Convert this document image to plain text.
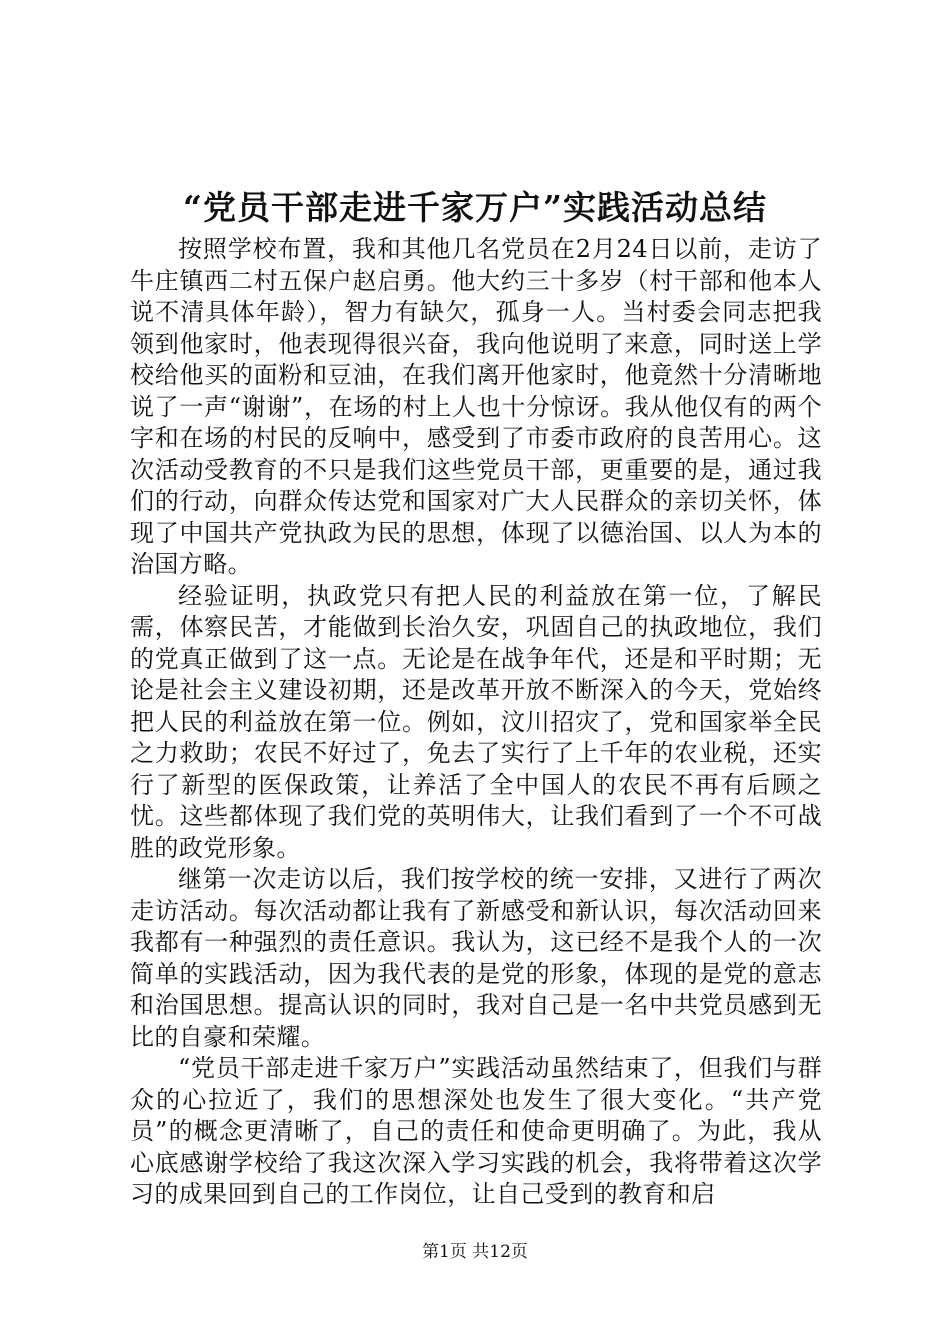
“党员干部走进千家万户”实践活动总结

按照学校布置，我和其他几名党员在2月24日以前，走访了牛庄镇西二村五保户赵启勇。他大约三十多岁（村干部和他本人说不清具体年龄），智力有缺欠，孤身一人。当村委会同志把我领到他家时，他表现得很兴奋，我向他说明了来意，同时送上学校给他买的面粉和豆油，在我们离开他家时，他竟然十分清晰地说了一声“谢谢”，在场的村上人也十分惊讶。我从他仅有的两个字和在场的村民的反响中，感受到了市委市政府的良苦用心。这次活动受教育的不只是我们这些党员干部，更重要的是，通过我们的行动，向群众传达党和国家对广大人民群众的亲切关怀，体现了中国共产党执政为民的思想，体现了以德治国、以人为本的治国方略。

经验证明，执政党只有把人民的利益放在第一位，了解民需，体察民苦，才能做到长治久安，巩固自己的执政地位，我们的党真正做到了这一点。无论是在战争年代，还是和平时期；无论是社会主义建设初期，还是改革开放不断深入的今天，党始终把人民的利益放在第一位。例如，汶川招灾了，党和国家举全民之力救助；农民不好过了，免去了实行了上千年的农业税，还实行了新型的医保政策，让养活了全中国人的农民不再有后顾之忧。这些都体现了我们党的英明伟大，让我们看到了一个不可战胜的政党形象。

继第一次走访以后，我们按学校的统一安排，又进行了两次走访活动。每次活动都让我有了新感受和新认识，每次活动回来我都有一种强烈的责任意识。我认为，这已经不是我个人的一次简单的实践活动，因为我代表的是党的形象，体现的是党的意志和治国思想。提高认识的同时，我对自己是一名中共党员感到无比的自豪和荣耀。

“党员干部走进千家万户”实践活动虽然结束了，但我们与群众的心拉近了，我们的思想深处也发生了很大变化。“共产党员”的概念更清晰了，自己的责任和使命更明确了。为此，我从心底感谢学校给了我这次深入学习实践的机会，我将带着这次学习的成果回到自己的工作岗位，让自己受到的教育和启

第1页 共12页
